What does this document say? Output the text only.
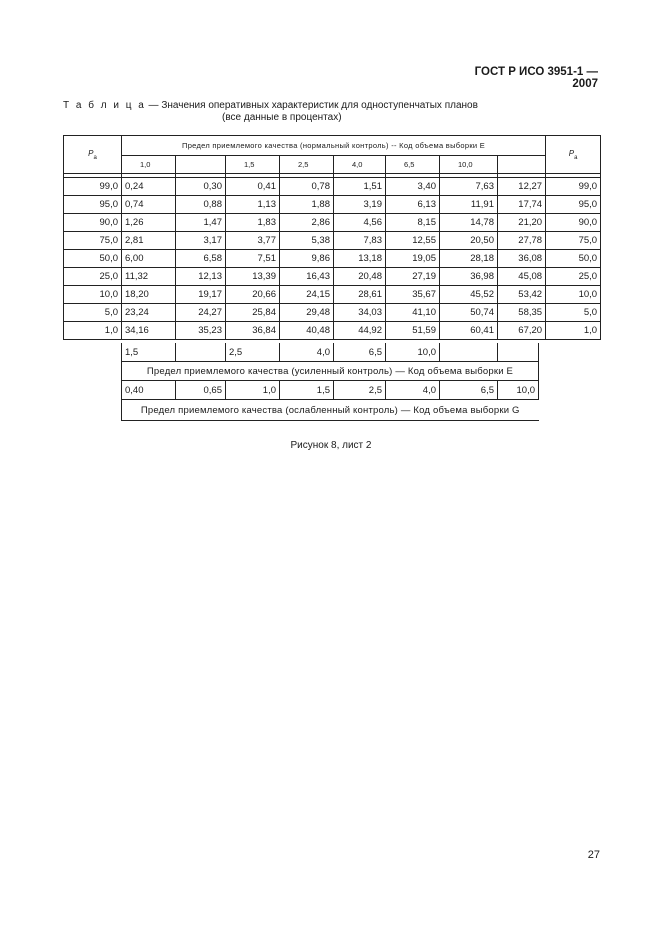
ГОСТ Р ИСО 3951-1 — 2007
Т а б л и ц а — Значения оперативных характеристик для одноступенчатых планов
(все данные в процентах)
$P_a$	Предел приемлемого качества (нормальный контроль) -- Код объема выборки E								$P_a$
	1,0		1,5	2,5	4,0	6,5	10,0		

99,0	0,24	0,30	0,41	0,78	1,51	3,40	7,63	12,27	99,0
95,0	0,74	0,88	1,13	1,88	3,19	6,13	11,91	17,74	95,0
90,0	1,26	1,47	1,83	2,86	4,56	8,15	14,78	21,20	90,0
75,0	2,81	3,17	3,77	5,38	7,83	12,55	20,50	27,78	75,0
50,0	6,00	6,58	7,51	9,86	13,18	19,05	28,18	36,08	50,0
25,0	11,32	12,13	13,39	16,43	20,48	27,19	36,98	45,08	25,0
10,0	18,20	19,17	20,66	24,15	28,61	35,67	45,52	53,42	10,0
5,0	23,24	24,27	25,84	29,48	34,03	41,10	50,74	58,35	5,0
1,0	34,16	35,23	36,84	40,48	44,92	51,59	60,41	67,20	1,0
1,5		2,5	4,0	6,5	10,0		
Предел приемлемого качества (усиленный контроль) — Код объема выборки E							
0,40	0,65	1,0	1,5	2,5	4,0	6,5	10,0
Предел приемлемого качества (ослабленный контроль) — Код объема выборки G							
Рисунок 8, лист 2
27
